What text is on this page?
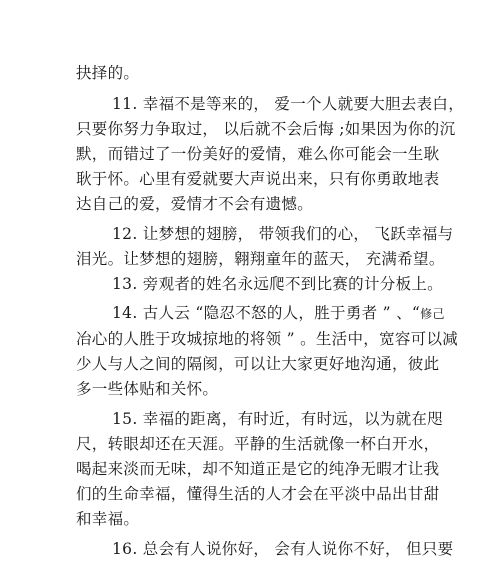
抉择的。
11. 幸福不是等来的， 爱一个人就要大胆去表白，
只要你努力争取过， 以后就不会后悔 ;如果因为你的沉
默，而错过了一份美好的爱情，难么你可能会一生耿
耿于怀。心里有爱就要大声说出来，只有你勇敢地表
达自己的爱，爱情才不会有遗憾。
12. 让梦想的翅膀， 带领我们的心， 飞跃幸福与
泪光。让梦想的翅膀，翱翔童年的蓝天， 充满希望。
13. 旁观者的姓名永远爬不到比赛的计分板上。
14. 古人云 “隐忍不怒的人，胜于勇者 ” 、“修己
冶心的人胜于攻城掠地的将领 ” 。生活中，宽容可以减
少人与人之间的隔阂，可以让大家更好地沟通，彼此
多一些体贴和关怀。
15. 幸福的距离，有时近，有时远，以为就在咫
尺，转眼却还在天涯。平静的生活就像一杯白开水，
喝起来淡而无味，却不知道正是它的纯净无暇才让我
们的生命幸福，懂得生活的人才会在平淡中品出甘甜
和幸福。
16. 总会有人说你好， 会有人说你不好， 但只要
